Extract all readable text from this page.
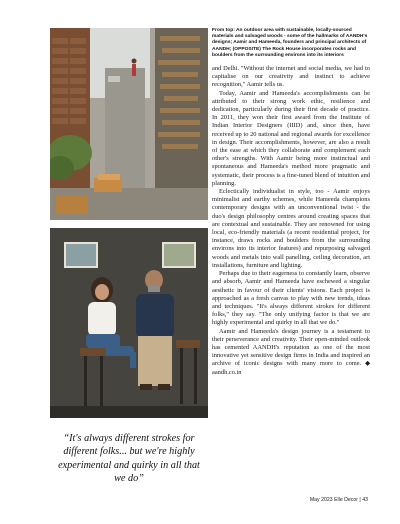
From top: An outdoor area with sustainable, locally-sourced materials and salvaged woods - some of the hallmarks of AANDH's designs; Aamir and Hameeda, founders and principal architects of AANDH; (OPPOSITE) The Rock House incorporates rocks and boulders from the surrounding environs into its interiors

and Delhi. "Without the internet and social media, we had to capitalise on our creativity and instinct to achieve recognition," Aamir tells us.

Today, Aamir and Hameeda's accomplishments can be attributed to their strong work ethic, resilience and dedication, particularly during their first decade of practice. In 2011, they won their first award from the Institute of Indian Interior Designers (IIID) and, since then, have received up to 20 national and regional awards for excellence in design. Their accomplishments, however, are also a result of the ease at which they collaborate and complement each other's strengths. With Aamir being more instinctual and spontaneous and Hameeda's method more pragmatic and systematic, their process is a fine-tuned blend of intuition and planning.

Eclectically individualist in style, too - Aamir enjoys minimalist and earthy schemes, while Hameeda champions contemporary designs with an unconventional twist - the duo's design philosophy centres around creating spaces that are contextual and sustainable. They are renowned for using local, eco-friendly materials (a recent residential project, for instance, draws rocks and boulders from the surrounding environs into its interior features) and repurposing salvaged woods and metals into wall panelling, ceiling decoration, art installations, furniture and lighting.

Perhaps due to their eagerness to constantly learn, observe and absorb, Aamir and Hameeda have eschewed a singular aesthetic in favour of their clients' visions. Each project is approached as a fresh canvas to play with new trends, ideas and techniques. "It's always different strokes for different folks," they say. "The only unifying factor is that we are highly experimental and quirky in all that we do."

Aamir and Hameeda's design journey is a testament to their perseverance and creativity. Their open-minded outlook has cemented AANDH's reputation as one of the most innovative yet sensitive design firms in India and inspired an archive of iconic designs with many more to come. ◆ aandh.co.in

“It's always different strokes for different folks... but we're highly experimental and quirky in all that we do”
May 2023 Elle Decor | 43
